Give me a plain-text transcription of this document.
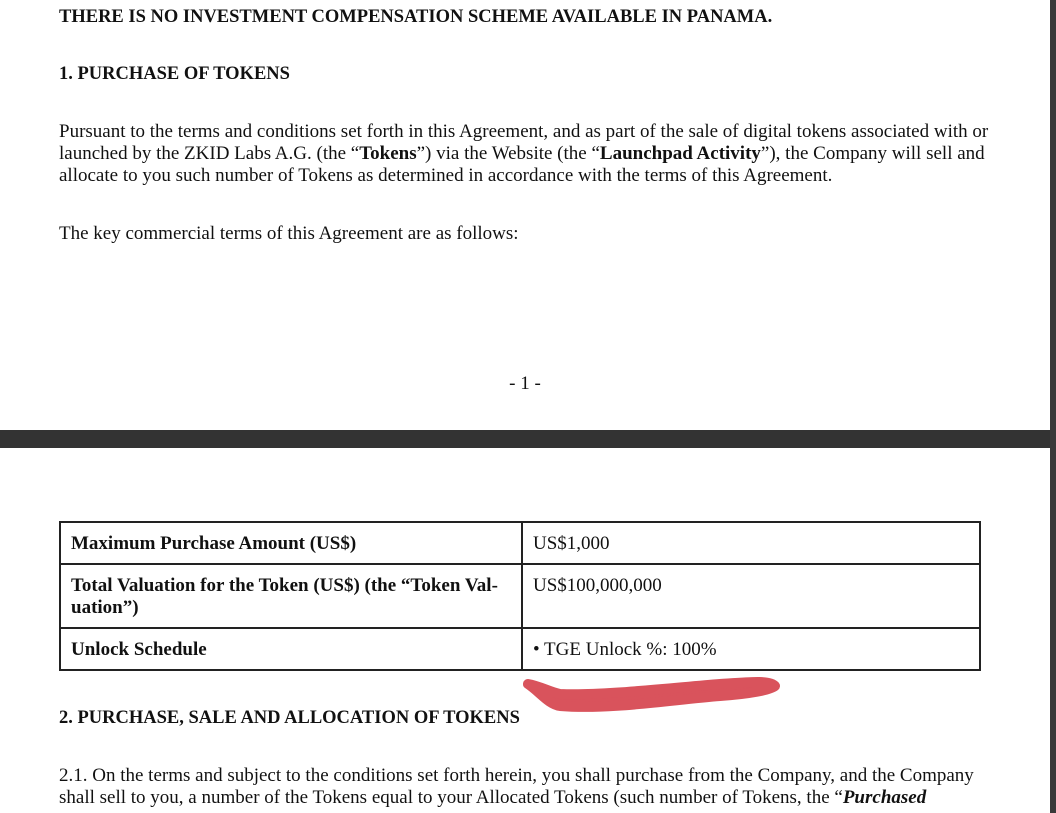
THERE IS NO INVESTMENT COMPENSATION SCHEME AVAILABLE IN PANAMA.

1. PURCHASE OF TOKENS

Pursuant to the terms and conditions set forth in this Agreement, and as part of the sale of digital tokens associated with or launched by the ZKID Labs A.G. (the “Tokens”) via the Website (the “Launchpad Activity”), the Company will sell and allocate to you such number of Tokens as determined in accordance with the terms of this Agreement.

The key commercial terms of this Agreement are as follows:

- 1 -
Maximum Purchase Amount (US$)	US$1,000
Total Valuation for the Token (US$) (the “Token Val- uation”)	US$100,000,000
Unlock Schedule	• TGE Unlock %: 100%

2. PURCHASE, SALE AND ALLOCATION OF TOKENS

2.1. On the terms and subject to the conditions set forth herein, you shall purchase from the Company, and the Company shall sell to you, a number of the Tokens equal to your Allocated Tokens (such number of Tokens, the “Purchased
